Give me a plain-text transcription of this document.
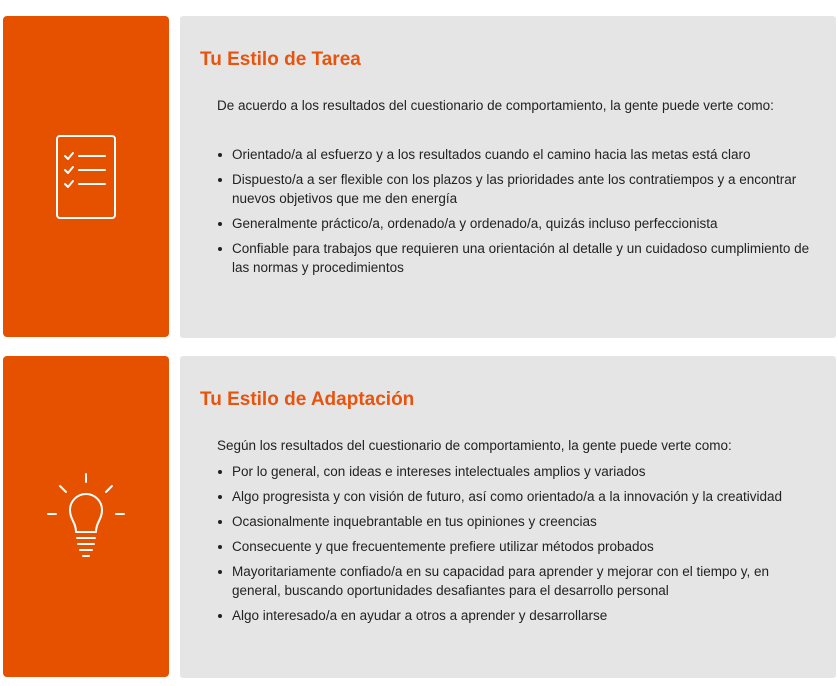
Tu Estilo de Tarea

De acuerdo a los resultados del cuestionario de comportamiento, la gente puede verte como:

Orientado/a al esfuerzo y a los resultados cuando el camino hacia las metas está claro
Dispuesto/a a ser flexible con los plazos y las prioridades ante los contratiempos y a encontrar nuevos objetivos que me den energía
Generalmente práctico/a, ordenado/a y ordenado/a, quizás incluso perfeccionista
Confiable para trabajos que requieren una orientación al detalle y un cuidadoso cumplimiento de las normas y procedimientos
Tu Estilo de Adaptación

Según los resultados del cuestionario de comportamiento, la gente puede verte como:

Por lo general, con ideas e intereses intelectuales amplios y variados
Algo progresista y con visión de futuro, así como orientado/a a la innovación y la creatividad
Ocasionalmente inquebrantable en tus opiniones y creencias
Consecuente y que frecuentemente prefiere utilizar métodos probados
Mayoritariamente confiado/a en su capacidad para aprender y mejorar con el tiempo y, en general, buscando oportunidades desafiantes para el desarrollo personal
Algo interesado/a en ayudar a otros a aprender y desarrollarse
